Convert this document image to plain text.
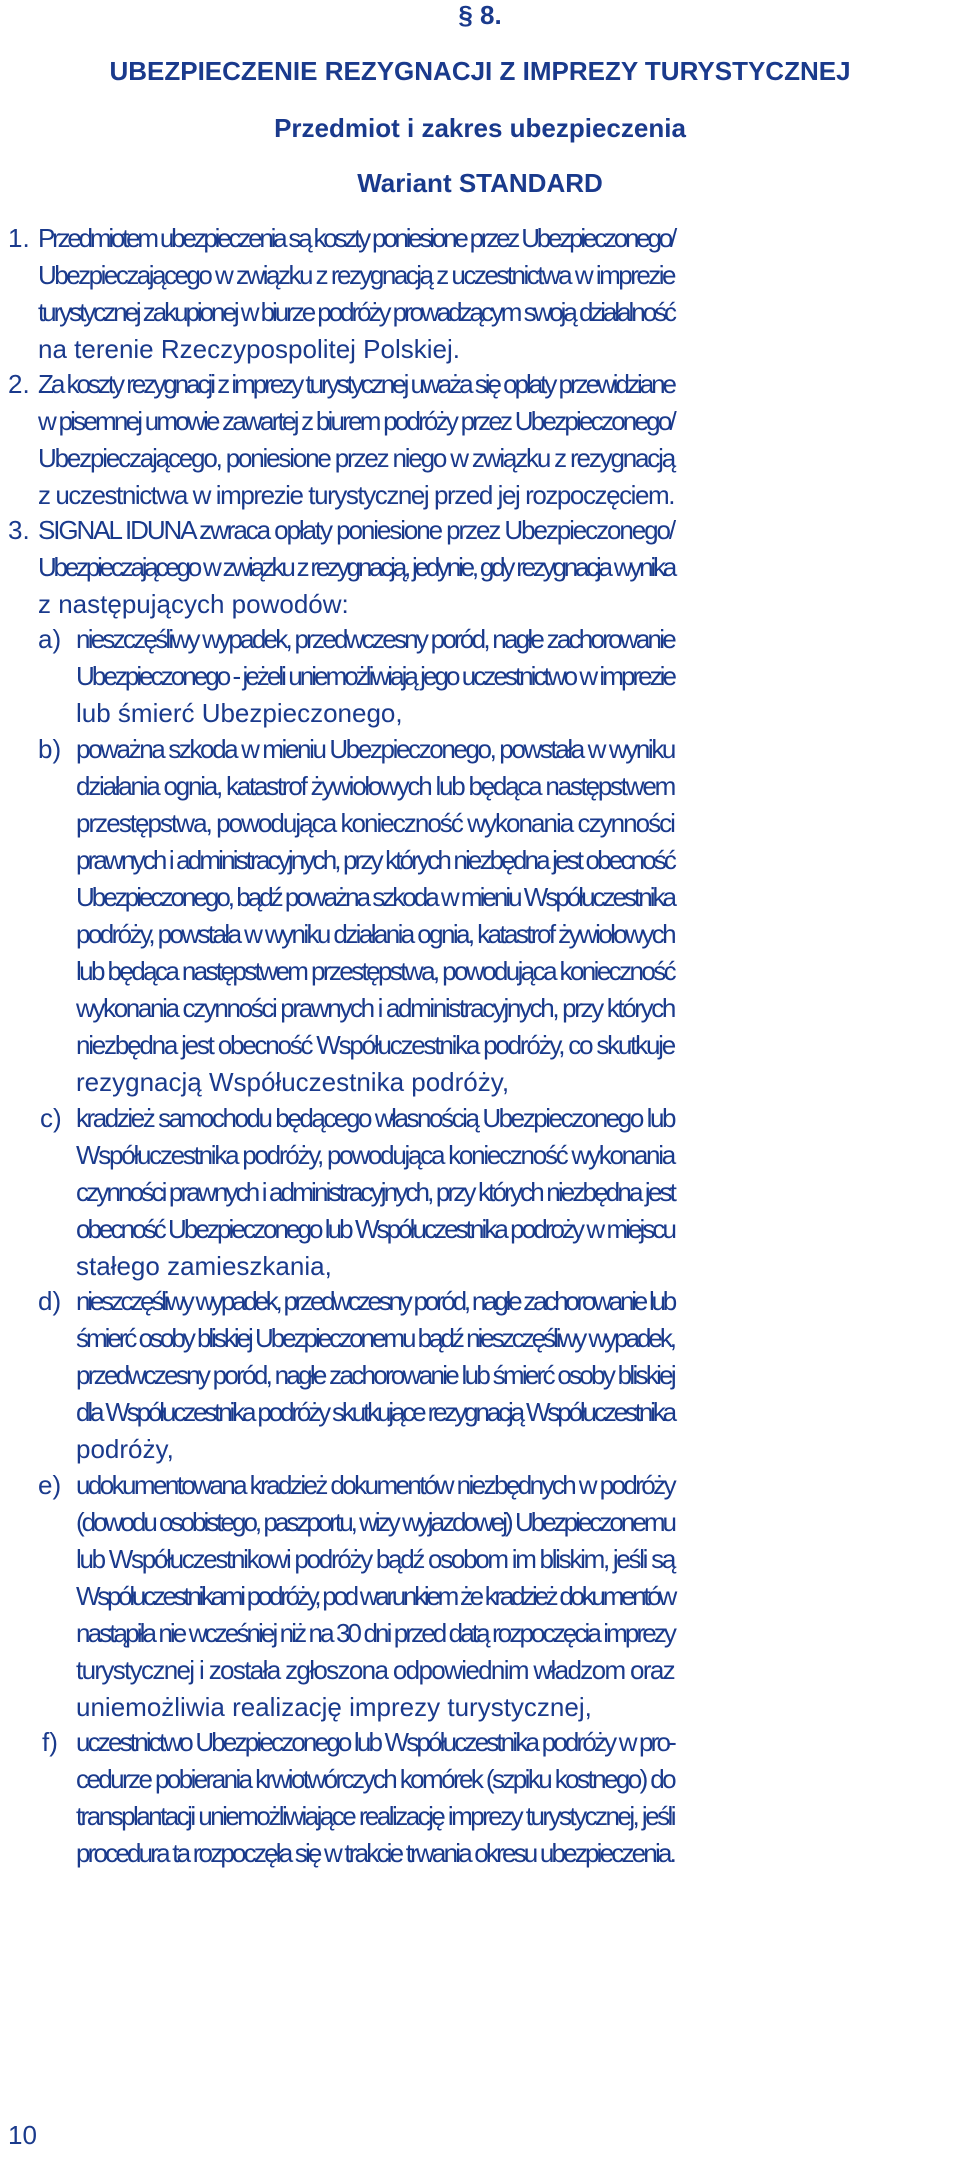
§ 8.
UBEZPIECZENIE REZYGNACJI Z IMPREZY TURYSTYCZNEJ
Przedmiot i zakres ubezpieczenia
Wariant STANDARD
1. Przedmiotem ubezpieczenia są koszty poniesione przez Ubezpieczonego/
Ubezpieczającego w związku z rezygnacją z uczestnictwa w imprezie
turystycznej zakupionej w biurze podróży prowadzącym swoją działalność
na terenie Rzeczypospolitej Polskiej.
2. Za koszty rezygnacji z imprezy turystycznej uważa się opłaty przewidziane
w pisemnej umowie zawartej z biurem podróży przez Ubezpieczonego/
Ubezpieczającego, poniesione przez niego w związku z rezygnacją
z uczestnictwa w imprezie turystycznej przed jej rozpoczęciem.
3. SIGNAL IDUNA zwraca opłaty poniesione przez Ubezpieczonego/
Ubezpieczającego w związku z rezygnacją, jedynie, gdy rezygnacja wynika
z następujących powodów:
a) nieszczęśliwy wypadek, przedwczesny poród, nagłe zachorowanie
Ubezpieczonego - jeżeli uniemożliwiają jego uczestnictwo w imprezie
lub śmierć Ubezpieczonego,
b) poważna szkoda w mieniu Ubezpieczonego, powstała w wyniku
działania ognia, katastrof żywiołowych lub będąca następstwem
przestępstwa, powodująca konieczność wykonania czynności
prawnych i administracyjnych, przy których niezbędna jest obecność
Ubezpieczonego, bądź poważna szkoda w mieniu Współuczestnika
podróży, powstała w wyniku działania ognia, katastrof żywiołowych
lub będąca następstwem przestępstwa, powodująca konieczność
wykonania czynności prawnych i administracyjnych, przy których
niezbędna jest obecność Współuczestnika podróży, co skutkuje
rezygnacją Współuczestnika podróży,
c) kradzież samochodu będącego własnością Ubezpieczonego lub
Współuczestnika podróży, powodująca konieczność wykonania
czynności prawnych i administracyjnych, przy których niezbędna jest
obecność Ubezpieczonego lub Współuczestnika podroży w miejscu
stałego zamieszkania,
d) nieszczęśliwy wypadek, przedwczesny poród, nagłe zachorowanie lub
śmierć osoby bliskiej Ubezpieczonemu bądź nieszczęśliwy wypadek,
przedwczesny poród, nagłe zachorowanie lub śmierć osoby bliskiej
dla Współuczestnika podróży skutkujące rezygnacją Współuczestnika
podróży,
e) udokumentowana kradzież dokumentów niezbędnych w podróży
(dowodu osobistego, paszportu, wizy wyjazdowej) Ubezpieczonemu
lub Współuczestnikowi podróży bądź osobom im bliskim, jeśli są
Współuczestnikami podróży, pod warunkiem że kradzież dokumentów
nastąpiła nie wcześniej niż na 30 dni przed datą rozpoczęcia imprezy
turystycznej i została zgłoszona odpowiednim władzom oraz
uniemożliwia realizację imprezy turystycznej,
f) uczestnictwo Ubezpieczonego lub Współuczestnika podróży w pro-
cedurze pobierania krwiotwórczych komórek (szpiku kostnego) do
transplantacji uniemożliwiające realizację imprezy turystycznej, jeśli
procedura ta rozpoczęła się w trakcie trwania okresu ubezpieczenia.
10
